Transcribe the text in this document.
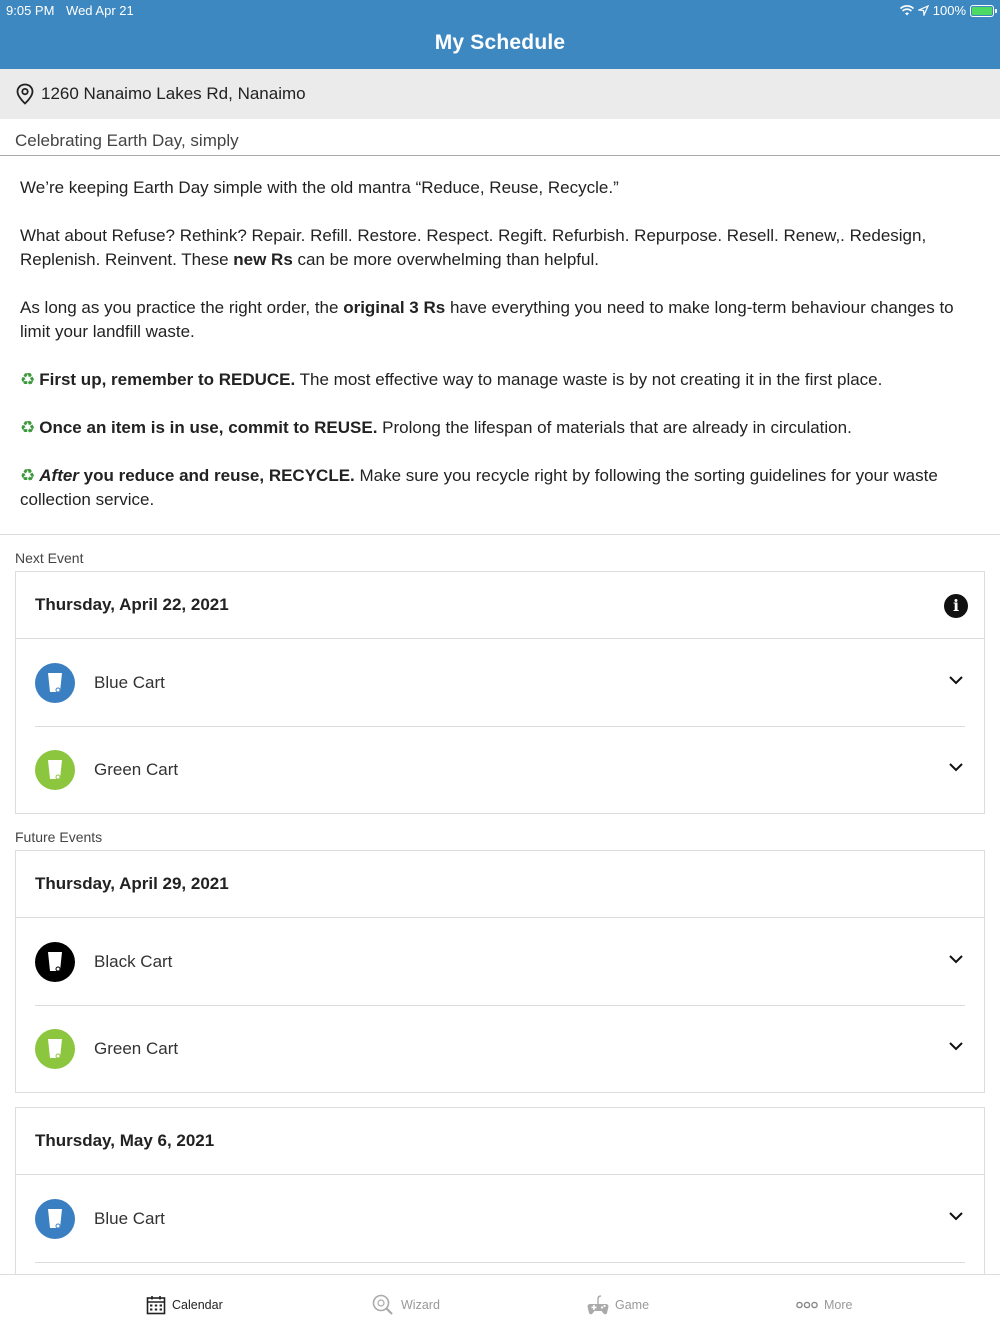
9:05 PM Wed Apr 21	100%
My Schedule
1260 Nanaimo Lakes Rd, Nanaimo
Celebrating Earth Day, simply

We’re keeping Earth Day simple with the old mantra “Reduce, Reuse, Recycle.”

What about Refuse? Rethink? Repair. Refill. Restore. Respect. Regift. Refurbish. Repurpose. Resell. Renew,. Redesign, Replenish. Reinvent. These new Rs can be more overwhelming than helpful.

As long as you practice the right order, the original 3 Rs have everything you need to make long-term behaviour changes to limit your landfill waste.

♻ First up, remember to REDUCE. The most effective way to manage waste is by not creating it in the first place.

♻ Once an item is in use, commit to REUSE. Prolong the lifespan of materials that are already in circulation.

♻ After you reduce and reuse, RECYCLE. Make sure you recycle right by following the sorting guidelines for your waste collection service.

Next Event
Thursday, April 22, 2021	i
Blue Cart
Green Cart
Future Events
Thursday, April 29, 2021
Black Cart
Green Cart
Thursday, May 6, 2021
Blue Cart
Calendar	Wizard	Game	More
